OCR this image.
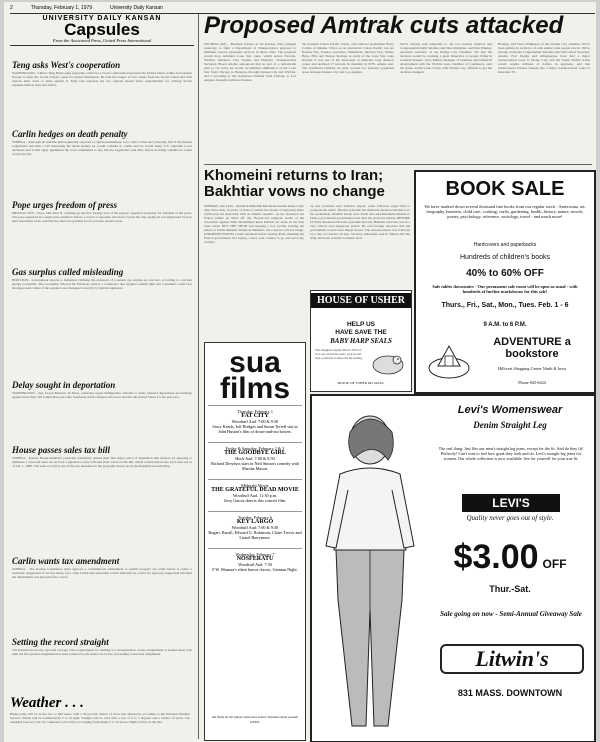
2	Thursday, February 1, 1979	University Daily Kansan
UNIVERSITY DAILY KANSAN
Capsules
From the Associated Press, United Press International
Teng asks West's cooperation
WASHINGTON - China's Teng Hsiao-ping yesterday called for a broad collaboration between the United States, China and western Europe to deter the Soviet Union's quest for global dominance. He said the danger of war comes from the Soviet Union and both nations must work to unite against it. Teng told reporters the two nations should share responsibility for curbing Soviet expansionism in Asia and Africa.
Carlin hedges on death penalty
TOPEKA - Although he remains philosophically opposed to capital punishment, Gov. John Carlin said yesterday that if the Kansas Legislature sent him a bill reinstating the death penalty he would consider it. Carlin said he would study U.S. Supreme Court decisions and would apply guidelines the court established to any bill the Legislature sent him, before deciding whether he would accept the bill.
Pope urges freedom of press
MEXICO CITY - Pope John Paul II, winding up the first foreign tour of his papacy, appealed yesterday for freedom of the press. The pope appeared in a papal press audience before a crowd of reporters who had covered his trip, saying he was impressed by how hard journalists work, and that the church is grateful for an accurate, honest press.
Gas surplus called misleading
HOUSTON - Government reports to industries claiming the existence of a natural gas surplus are not true, according to a private energy economist. The economist, Edward M. Erickson, said at a conference that supplies remain tight and consumers could face shortages next winter if the surplus is not managed correctly by federal regulators.
Delay sought in deportation
WASHINGTON - Sen. Lloyd Bentsen, D-Texas, yesterday urged immigration officials to delay planned deportation proceedings against more than 100 Cambodian and other Southeast Asian refugees who have lived in the United States for the past year.
House passes sales tax bill
TOPEKA - Kansas House members yesterday tentatively passed their first major piece of legislation this session, by agreeing to eliminate a 3 percent sales tax on food. Legislators today will take final action on the bill, which would remove the food sales tax as of Jan. 1, 1980. The sales tax bill is one of the key measures in the programs drawn up by the Republican leadership.
Carlin wants tax amendment
TOPEKA - The Kansas Legislature must approve a constitutional amendment to permit property tax relief before it orders a statewide reappraisal of all real estate, Gov. John Carlin said yesterday. Carlin indicated he would not sign any reappraisal bill until the amendment was placed before voters.
Setting the record straight
The Kansan incorrectly reported on page 3 the requirements for mailing in correspondence course assignments. A student must wait until the first graded assignment has been returned by the instructor before proceeding to the next assignment.
Weather . . .
Highs today will be in the low to mid teens, with a 30 percent chance of snow this afternoon, according to the National Weather Service. Winds will be southeasterly 5 to 15 mph. Tonight will be cold with a low of 0 to 5 degrees and a chance of snow. The extended forecast calls for continued cold with lows ranging from minus 5 to 10 above. Highs will be in the 20s.
Proposed Amtrak cuts attacked
WICHITA (AP) - Business leaders in six Kansas cities pledged yesterday to fight a Department of Transportation proposal to eliminate several passenger services in those cities. The proposal would drop Amtrak's Lone Star route, which serves Newton, Wichita, Arkansas City, Topeka and Emporia. Transportation Secretary Brock Adams announced that as part of a nationwide plan to cut costs, he would recommend elimination of the Lone Star from Chicago to Houston, through Kansas City and Wichita, and a rerouting of the Southwest Limited from Chicago to Los Angeles through southwest Kansas.
the northern Union Pacific tracks, said railroad spokesman Barry Combs of Omaha. Cities on an alternative Union Pacific run are Kansas City, Topeka, Lawrence, Manhattan, Junction City, Salina, Hays, Ellis and Sharon Springs. A study of the Lone Star route showed it was one of the least-used of Amtrak's long distance routes and declined 17 percent in ridership in 1978, Adams said. The Southwest Limited, he said, crossed two sparsely populated areas between Kansas City and Los Angeles.
We've already sent telegrams to our two Kansas senators and Congressman Keith Sebelius and Dan Glickman, said Don Pinkley, executive secretary of the Dodge City Chamber. We feel the decision would be working a great disservice to people living in southern Kansas. Jerry Mallot, manager of business and industrial development with the Wichita Area Chamber of Commerce, said his group would work closely with Wichita city officials to get the decision changed.
Bondey, said Steve Wilkinson of the Garden City chamber. We've been getting an awful lot of calls asking what people can do. We've already contacted Congressman Sebelius and will contact Secretary Adams. Fort Dodge and Albuquerque have had a major transportation route to Dodge City, and the Union Pacific trains would require millions of dollars in upgrades, and that northwestern Kansas already has a major transportation route in Interstate 70.
Khomeini returns to Iran; Bakhtiar vows no change
TEHRAN, Iran (AP) - Ayatollah Ruhollah Khomeini headed home today after more than 14 years of exile to pursue his dream of replacing Iran's 2,500-year-old monarchy with an Islamic republic. As the chartered Air France jumbo jet lifted off, the 78-year-old religious leader of the revolution against Shah Mohammad Reza Pahlavi sat alone in the first class cabin. BUT THE SHAH was keeping a low profile, leaving the palace to Prime Minister Shahpour Bakhtiar, who says he will not resign. KHOMEINI ISSUED a brief statement before leaving Paris, thanking the French government and saying, I have your country to go and serve my country.
up new positions near Tehran's airport, some followers urged him to postpone his return. But the ayatollah has made his decision and that is it, the spokesman, Ibrahim Yazdi, said. Yazdi also said Khomeini intends to name a provisional government soon after his arrival in Tehran. BEFORE IT WAS announced that the ayatollah had left, Bakhtiar said Iran was in a very critical and dangerous period. He told foreign reporters that his government would resist illegal moves. The announcement was followed by a day of violence in Iran. Security authorities said in Tehran that the army had been ordered to remain alert.
HOUSE OF USHER
HELP US
HAVE SAVE THE
BABY HARP SEALS
The slaughter begins March 1979. If you care about the seals, stop in and sign a petition to help end the killing.
HOUSE OF USHER 845 MASS.
sua films
Thursday, February 1
FAT CITY
Woodruff Aud. 7:00 & 9:30
Stacy Keach, Jeff Bridges and Susan Tyrrell star in John Huston's film of down-and-out boxers.
Friday & Saturday, February 2 & 3
THE GOODBYE GIRL
Hoch Aud. 7:00 & 9:30
Richard Dreyfuss stars in Neil Simon's comedy with Marsha Mason.
Midnight Movie
THE GRATEFUL DEAD MOVIE
Woodruff Aud. 11:30 p.m.
Jerry Garcia directs this concert film.
Tuesday, February 6
KEY LARGO
Woodruff Aud. 7:00 & 9:30
Bogart, Bacall, Edward G. Robinson, Claire Trevor and Lionel Barrymore.
Wednesday, February 7
NOSFERATU
Woodruff Aud. 7:30
F.W. Murnau's silent horror classic, German Night.
All films $1.00 unless otherwise noted. Students must present KUID.
BOOK SALE
We have marked down several thousand fine books from our regular stock - Americana, art, biography, business, child care, cooking, crafts, gardening, health, history, nature, novels, poetry, psychology, reference, sociology, travel - and much more!
Hardcovers and paperbacks
Hundreds of children's books
40% to 60% OFF
Sale tables downstairs - Our permanent sale room will be open as usual - with hundreds of further markdowns for this sale!
Thurs., Fri., Sat., Mon., Tues. Feb. 1 - 6
9 A.M. to 6 P.M.
ADVENTURE a bookstore
Hillcrest Shopping Center Ninth & Iowa
Phone 843-6424
Levi's Womenswear
Denim Straight Leg
The real thing. Just like our men's straight leg jeans, except for the fit. And do they fit! Perfectly! Can't wait to feel how great they look and do. Levi's straight leg jeans for women. Our whole collection is now available. See for yourself for your true fit.
LEVI'S
Quality never goes out of style.
$3.00 OFF
Thur.-Sat.
Sale going on now - Semi-Annual Giveaway Sale
Litwin's
831 MASS. DOWNTOWN
